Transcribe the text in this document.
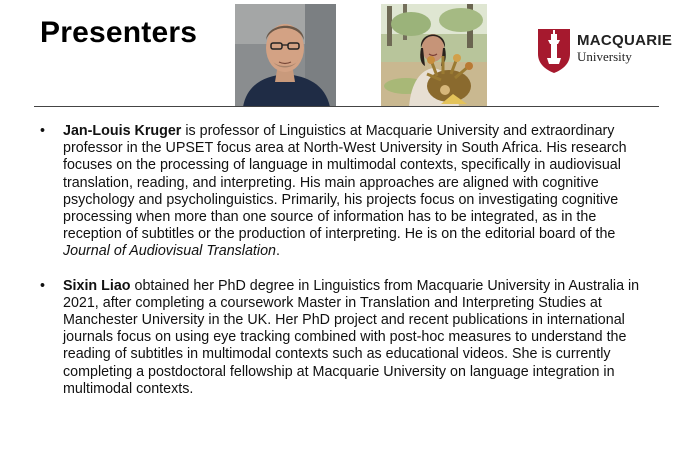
Presenters	MACQUARIE
University
• Jan-Louis Kruger is professor of Linguistics at Macquarie University and extraordinary professor in the UPSET focus area at North-West University in South Africa. His research focuses on the processing of language in multimodal contexts, specifically in audiovisual translation, reading, and interpreting. His main approaches are aligned with cognitive psychology and psycholinguistics. Primarily, his projects focus on investigating cognitive processing when more than one source of information has to be integrated, as in the reception of subtitles or the production of interpreting. He is on the editorial board of the Journal of Audiovisual Translation.
• Sixin Liao obtained her PhD degree in Linguistics from Macquarie University in Australia in 2021, after completing a coursework Master in Translation and Interpreting Studies at Manchester University in the UK. Her PhD project and recent publications in international journals focus on using eye tracking combined with post-hoc measures to understand the reading of subtitles in multimodal contexts such as educational videos. She is currently completing a postdoctoral fellowship at Macquarie University on language integration in multimodal contexts.
